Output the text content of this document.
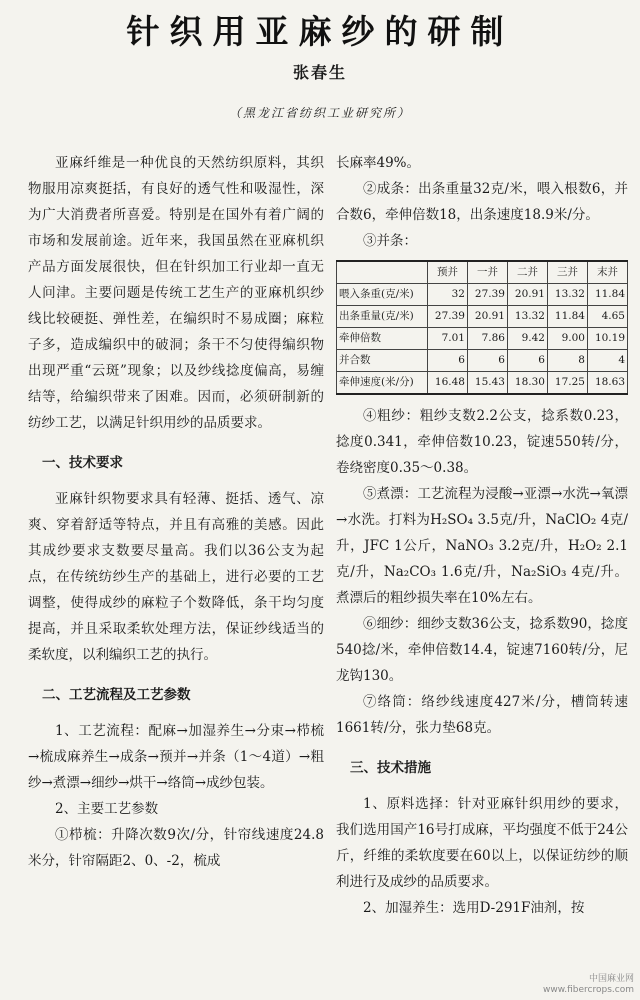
针织用亚麻纱的研制
张春生
（黑龙江省纺织工业研究所）

亚麻纤维是一种优良的天然纺织原料，其织物服用凉爽挺括，有良好的透气性和吸湿性，深为广大消费者所喜爱。特别是在国外有着广阔的市场和发展前途。近年来，我国虽然在亚麻机织产品方面发展很快，但在针织加工行业却一直无人问津。主要问题是传统工艺生产的亚麻机织纱线比较硬挺、弹性差，在编织时不易成圈；麻粒子多，造成编织中的破洞；条干不匀使得编织物出现严重“云斑”现象；以及纱线捻度偏高，易缠结等，给编织带来了困难。因而，必须研制新的纺纱工艺，以满足针织用纱的品质要求。

一、技术要求

亚麻针织物要求具有轻薄、挺括、透气、凉爽、穿着舒适等特点，并且有高雅的美感。因此其成纱要求支数要尽量高。我们以36公支为起点，在传统纺纱生产的基础上，进行必要的工艺调整，使得成纱的麻粒子个数降低，条干均匀度提高，并且采取柔软处理方法，保证纱线适当的柔软度，以利编织工艺的执行。

二、工艺流程及工艺参数

1、工艺流程：配麻→加湿养生→分束→栉梳→梳成麻养生→成条→预并→并条（1～4道）→粗纱→煮漂→细纱→烘干→络筒→成纱包装。

2、主要工艺参数

①栉梳：升降次数9次/分，针帘线速度24.8米分，针帘隔距2、0、-2，梳成

长麻率49%。

②成条：出条重量32克/米，喂入根数6，并合数6，牵伸倍数18，出条速度18.9米/分。

③并条：

	预并	一并	二并	三并	末并
喂入条重(克/米)	32	27.39	20.91	13.32	11.84
出条重量(克/米)	27.39	20.91	13.32	11.84	4.65
牵伸倍数	7.01	7.86	9.42	9.00	10.19
并合数	6	6	6	8	4
牵伸速度(米/分)	16.48	15.43	18.30	17.25	18.63

④粗纱：粗纱支数2.2公支，捻系数0.23，捻度0.341，牵伸倍数10.23，锭速550转/分，卷绕密度0.35～0.38。

⑤煮漂：工艺流程为浸酸→亚漂→水洗→氧漂→水洗。打料为H₂SO₄ 3.5克/升，NaClO₂ 4克/升，JFC 1公斤，NaNO₃ 3.2克/升，H₂O₂ 2.1克/升，Na₂CO₃ 1.6克/升，Na₂SiO₃ 4克/升。煮漂后的粗纱损失率在10%左右。

⑥细纱：细纱支数36公支，捻系数90，捻度540捻/米，牵伸倍数14.4，锭速7160转/分，尼龙钩130。

⑦络筒：络纱线速度427米/分，槽筒转速1661转/分，张力垫68克。

三、技术措施

1、原料选择：针对亚麻针织用纱的要求，我们选用国产16号打成麻，平均强度不低于24公斤，纤维的柔软度要在60以上，以保证纺纱的顺利进行及成纱的品质要求。

2、加湿养生：选用D-291F油剂，按

中国麻业网
www.fibercrops.com
